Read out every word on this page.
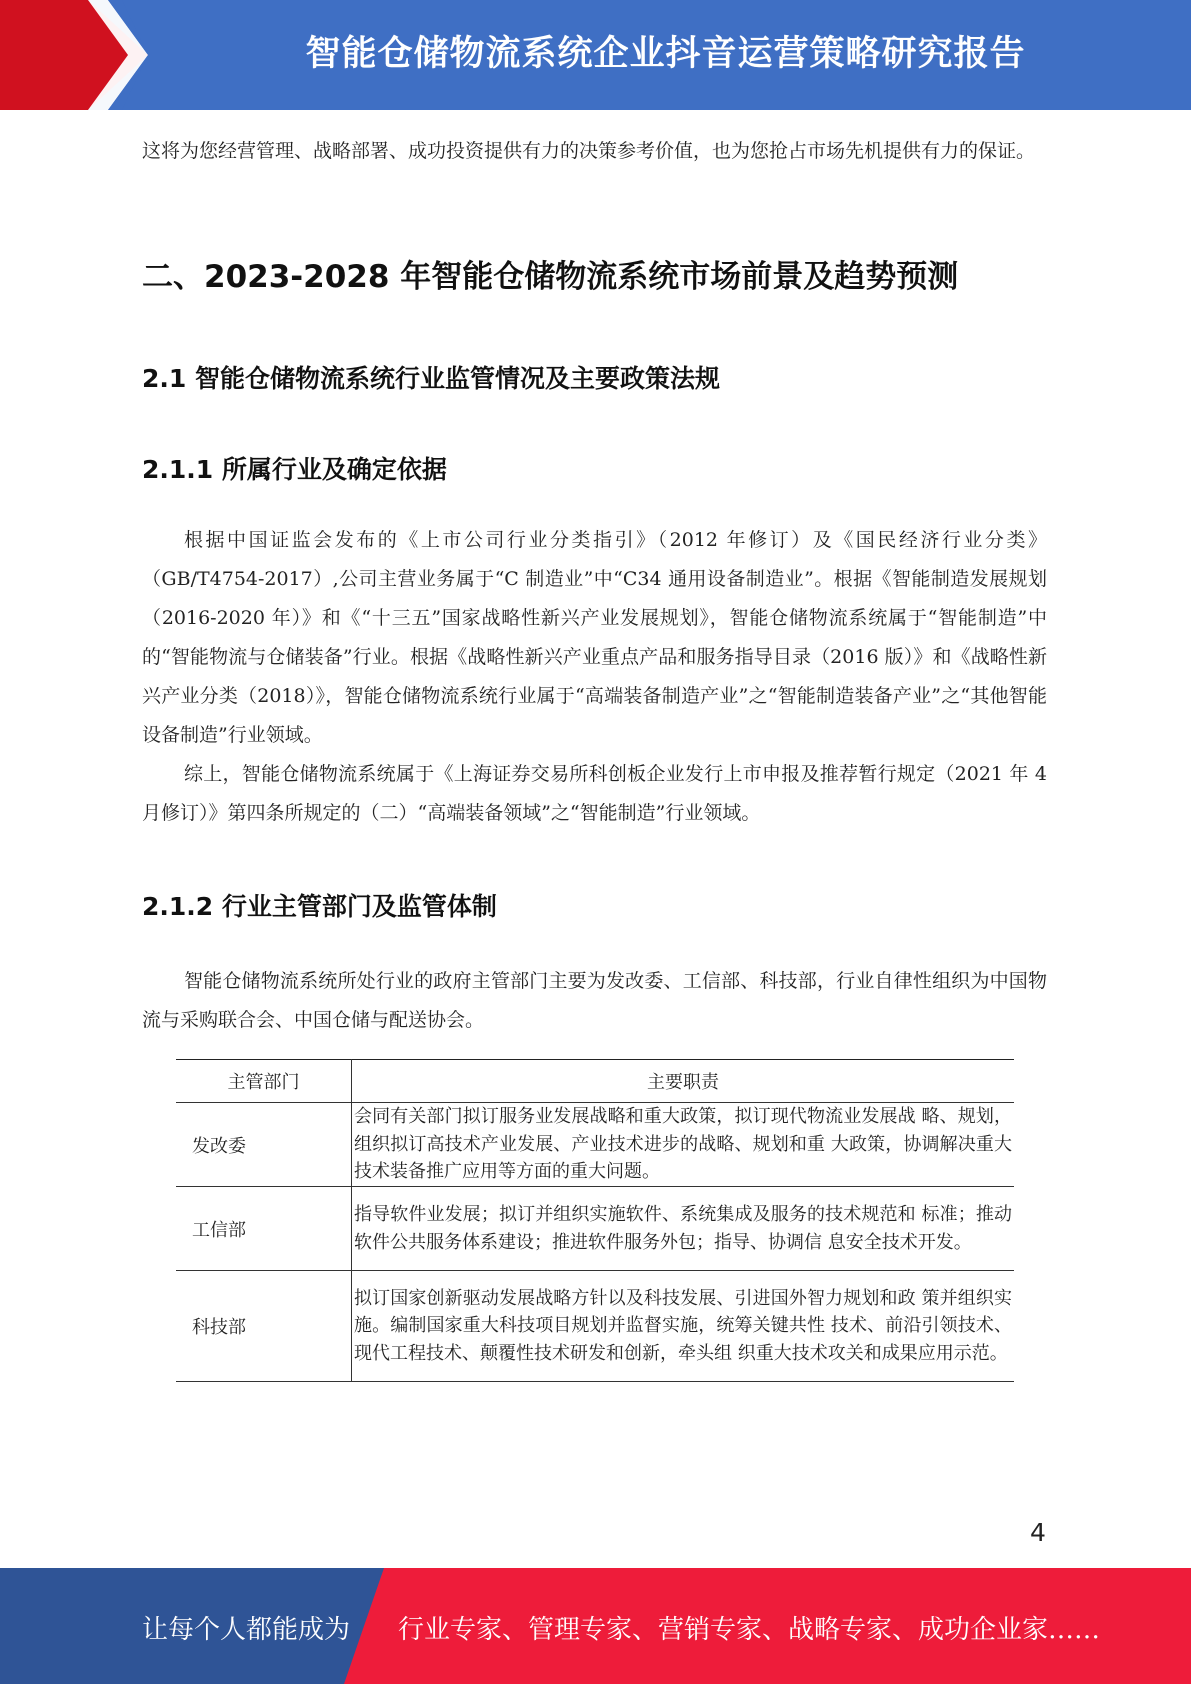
智能仓储物流系统企业抖音运营策略研究报告

这将为您经营管理、战略部署、成功投资提供有力的决策参考价值，也为您抢占市场先机提供有力的保证。

二、2023-2028 年智能仓储物流系统市场前景及趋势预测
2.1 智能仓储物流系统行业监管情况及主要政策法规
2.1.1 所属行业及确定依据

根据中国证监会发布的《上市公司行业分类指引》（2012 年修订）及《国民经济行业分类》（GB/T4754-2017）,公司主营业务属于“C 制造业”中“C34 通用设备制造业”。根据《智能制造发展规划（2016-2020 年）》和《“十三五”国家战略性新兴产业发展规划》，智能仓储物流系统属于“智能制造”中的“智能物流与仓储装备”行业。根据《战略性新兴产业重点产品和服务指导目录（2016 版）》和《战略性新兴产业分类（2018）》，智能仓储物流系统行业属于“高端装备制造产业”之“智能制造装备产业”之“其他智能设备制造”行业领域。

综上，智能仓储物流系统属于《上海证券交易所科创板企业发行上市申报及推荐暂行规定（2021 年 4 月修订）》第四条所规定的（二）“高端装备领域”之“智能制造”行业领域。

2.1.2 行业主管部门及监管体制

智能仓储物流系统所处行业的政府主管部门主要为发改委、工信部、科技部，行业自律性组织为中国物流与采购联合会、中国仓储与配送协会。

主管部门	主要职责
发改委	会同有关部门拟订服务业发展战略和重大政策，拟订现代物流业发展战 略、规划，组织拟订高技术产业发展、产业技术进步的战略、规划和重 大政策，协调解决重大技术装备推广应用等方面的重大问题。
工信部	指导软件业发展；拟订并组织实施软件、系统集成及服务的技术规范和 标准；推动软件公共服务体系建设；推进软件服务外包；指导、协调信 息安全技术开发。
科技部	拟订国家创新驱动发展战略方针以及科技发展、引进国外智力规划和政 策并组织实施。编制国家重大科技项目规划并监督实施，统筹关键共性 技术、前沿引领技术、现代工程技术、颠覆性技术研发和创新，牵头组 织重大技术攻关和成果应用示范。
4
让每个人都能成为 行业专家、管理专家、营销专家、战略专家、成功企业家……
